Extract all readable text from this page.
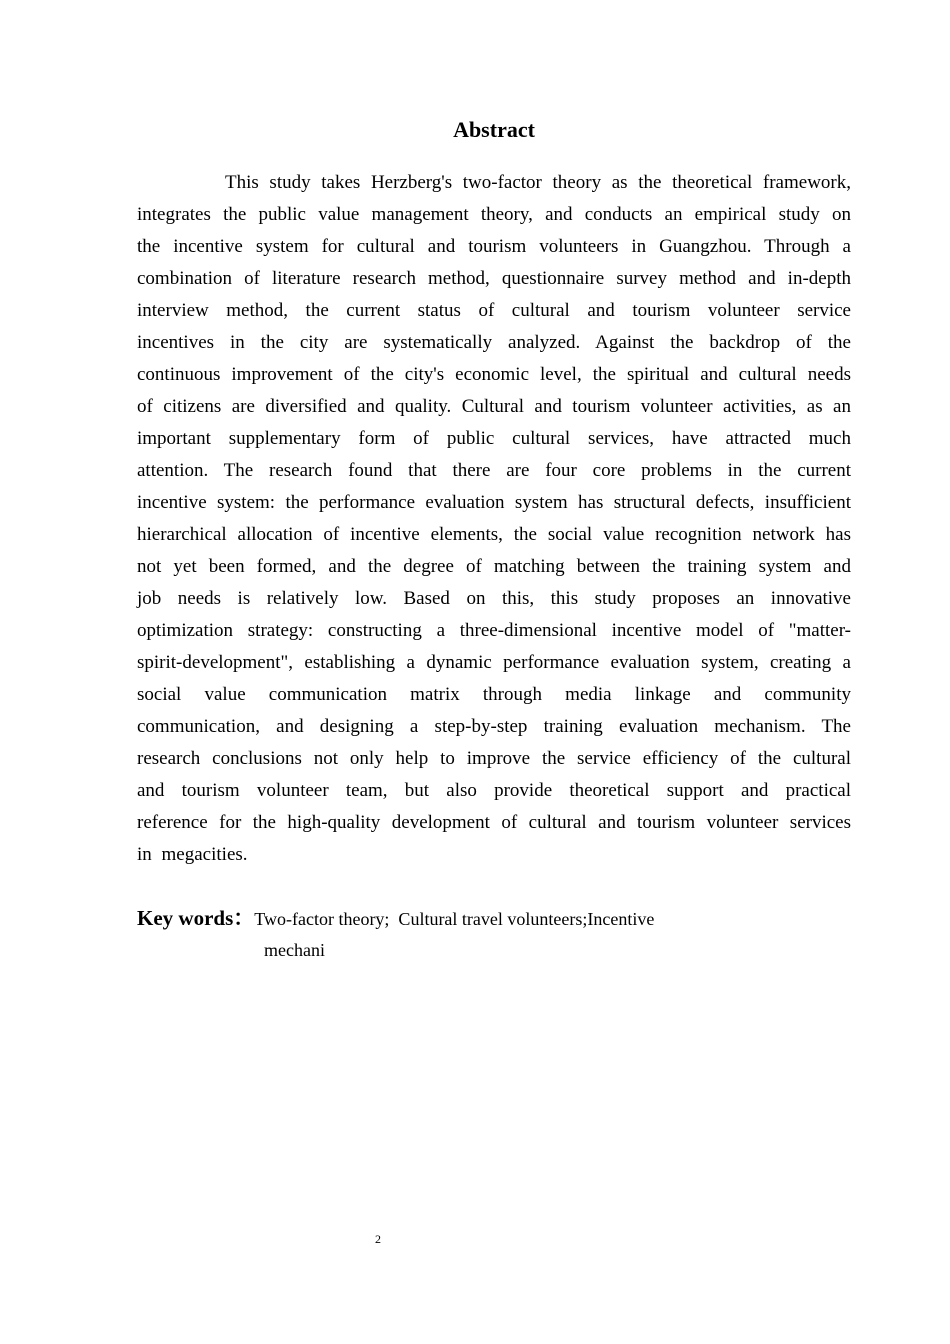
Abstract

This study takes Herzberg's two-factor theory as the theoretical framework, integrates the public value management theory, and conducts an empirical study on the incentive system for cultural and tourism volunteers in Guangzhou. Through a combination of literature research method, questionnaire survey method and in-depth interview method, the current status of cultural and tourism volunteer service incentives in the city are systematically analyzed. Against the backdrop of the continuous improvement of the city's economic level, the spiritual and cultural needs of citizens are diversified and quality. Cultural and tourism volunteer activities, as an important supplementary form of public cultural services, have attracted much attention. The research found that there are four core problems in the current incentive system: the performance evaluation system has structural defects, insufficient hierarchical allocation of incentive elements, the social value recognition network has not yet been formed, and the degree of matching between the training system and job needs is relatively low. Based on this, this study proposes an innovative optimization strategy: constructing a three-dimensional incentive model of "matter-spirit-development", establishing a dynamic performance evaluation system, creating a social value communication matrix through media linkage and community communication, and designing a step-by-step training evaluation mechanism. The research conclusions not only help to improve the service efficiency of the cultural and tourism volunteer team, but also provide theoretical support and practical reference for the high-quality development of cultural and tourism volunteer services in megacities.

Key words：Two-factor theory;  Cultural travel volunteers;Incentive
mechani

2
